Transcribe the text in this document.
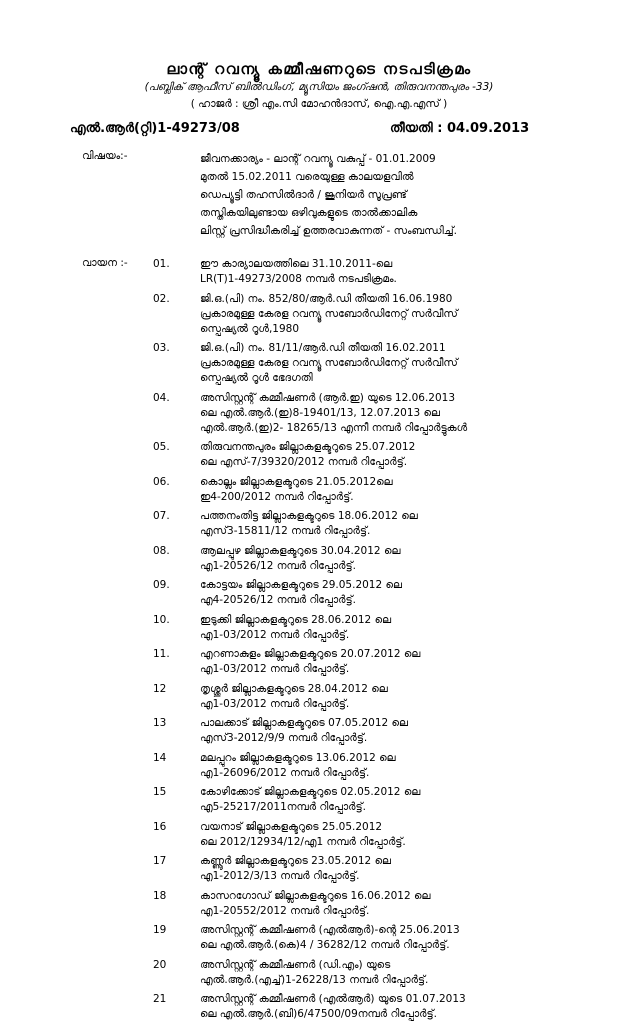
ലാന്റ് റവന്യൂ കമ്മീഷണറുടെ നടപടിക്രമം
(പബ്ലിക് ആഫീസ് ബിൽഡിംഗ്, മ്യൂസിയം ജംഗ്ഷൻ, തിരുവനന്തപുരം -33)
( ഹാജർ : ശ്രീ എം.സി മോഹൻദാസ്, ഐ.എ.എസ് )
എൽ.ആർ(റ്റി)1-49273/08	തീയതി : 04.09.2013
വിഷയം:-	ജീവനക്കാര്യം - ലാന്റ് റവന്യൂ വകുപ്പ് - 01.01.2009
മുതൽ 15.02.2011 വരെയുള്ള കാലയളവിൽ
ഡെപ്യൂട്ടി തഹസിൽദാർ / ജൂനിയർ സൂപ്രണ്ട്
തസ്തികയിലുണ്ടായ ഒഴിവുകളുടെ താൽക്കാലിക
ലിസ്റ്റ് പ്രസിദ്ധീകരിച്ച് ഉത്തരവാകുന്നത് - സംബന്ധിച്ച്.
വായന :- 01.	ഈ കാര്യാലയത്തിലെ 31.10.2011-ലെ
LR(T)1-49273/2008 നമ്പർ നടപടിക്രമം.
02.	ജി.ഒ.(പി) നം. 852/80/ആർ.ഡി തീയതി 16.06.1980
പ്രകാരമുള്ള കേരള റവന്യൂ സബോർഡിനേറ്റ് സർവീസ്
സ്പെഷ്യൽ റൂൾ,1980
03.	ജി.ഒ.(പി) നം. 81/11/ആർ.ഡി തീയതി 16.02.2011
പ്രകാരമുള്ള കേരള റവന്യൂ സബോർഡിനേറ്റ് സർവീസ്
സ്പെഷ്യൽ റൂൾ ഭേദഗതി
04.	അസിസ്റ്റന്റ് കമ്മീഷണർ (ആർ.ഇ) യുടെ 12.06.2013
ലെ എൽ.ആർ.(ഇ)8-19401/13, 12.07.2013 ലെ
എൽ.ആർ.(ഇ)2- 18265/13 എന്നീ നമ്പർ റിപ്പോർട്ടുകൾ
05.	തിരുവനന്തപുരം ജില്ലാകളക്ടറുടെ 25.07.2012
ലെ എസ്-7/39320/2012 നമ്പർ റിപ്പോർട്ട്.
06.	കൊല്ലം ജില്ലാകളക്ടറുടെ 21.05.2012ലെ
ഇ4-200/2012 നമ്പർ റിപ്പോർട്ട്.
07.	പത്തനംതിട്ട ജില്ലാകളക്ടറുടെ 18.06.2012 ലെ
എസ്3-15811/12 നമ്പർ റിപ്പോർട്ട്.
08.	ആലപ്പുഴ ജില്ലാകളക്ടറുടെ 30.04.2012 ലെ
എ1-20526/12 നമ്പർ റിപ്പോർട്ട്.
09.	കോട്ടയം ജില്ലാകളക്ടറുടെ 29.05.2012 ലെ
എ4-20526/12 നമ്പർ റിപ്പോർട്ട്.
10.	ഇടുക്കി ജില്ലാകളക്ടറുടെ 28.06.2012 ലെ
എ1-03/2012 നമ്പർ റിപ്പോർട്ട്.
11.	എറണാകുളം ജില്ലാകളക്ടറുടെ 20.07.2012 ലെ
എ1-03/2012 നമ്പർ റിപ്പോർട്ട്.
12	തൃശ്ശൂർ ജില്ലാകളക്ടറുടെ 28.04.2012 ലെ
എ1-03/2012 നമ്പർ റിപ്പോർട്ട്.
13	പാലക്കാട് ജില്ലാകളക്ടറുടെ 07.05.2012 ലെ
എസ്3-2012/9/9 നമ്പർ റിപ്പോർട്ട്.
14	മലപ്പുറം ജില്ലാകളക്ടറുടെ 13.06.2012 ലെ
എ1-26096/2012 നമ്പർ റിപ്പോർട്ട്.
15	കോഴിക്കോട് ജില്ലാകളക്ടറുടെ 02.05.2012 ലെ
എ5-25217/2011നമ്പർ റിപ്പോർട്ട്.
16	വയനാട് ജില്ലാകളക്ടറുടെ 25.05.2012
ലെ 2012/12934/12/എ1 നമ്പർ റിപ്പോർട്ട്.
17	കണ്ണൂർ ജില്ലാകളക്ടറുടെ 23.05.2012 ലെ
എ1-2012/3/13 നമ്പർ റിപ്പോർട്ട്.
18	കാസറഗോഡ് ജില്ലാകളക്ടറുടെ 16.06.2012 ലെ
എ1-20552/2012 നമ്പർ റിപ്പോർട്ട്.
19	അസിസ്റ്റന്റ് കമ്മീഷണർ (എൽആർ)-ന്റെ 25.06.2013
ലെ എൽ.ആർ.(കെ)4 / 36282/12 നമ്പർ റിപ്പോർട്ട്.
20	അസിസ്റ്റന്റ് കമ്മീഷണർ (ഡി.എം) യുടെ
എൽ.ആർ.(എച്ച്)1-26228/13 നമ്പർ റിപ്പോർട്ട്.
21	അസിസ്റ്റന്റ് കമ്മീഷണർ (എൽആർ) യുടെ 01.07.2013
ലെ എൽ.ആർ.(ബി)6/47500/09നമ്പർ റിപ്പോർട്ട്.
